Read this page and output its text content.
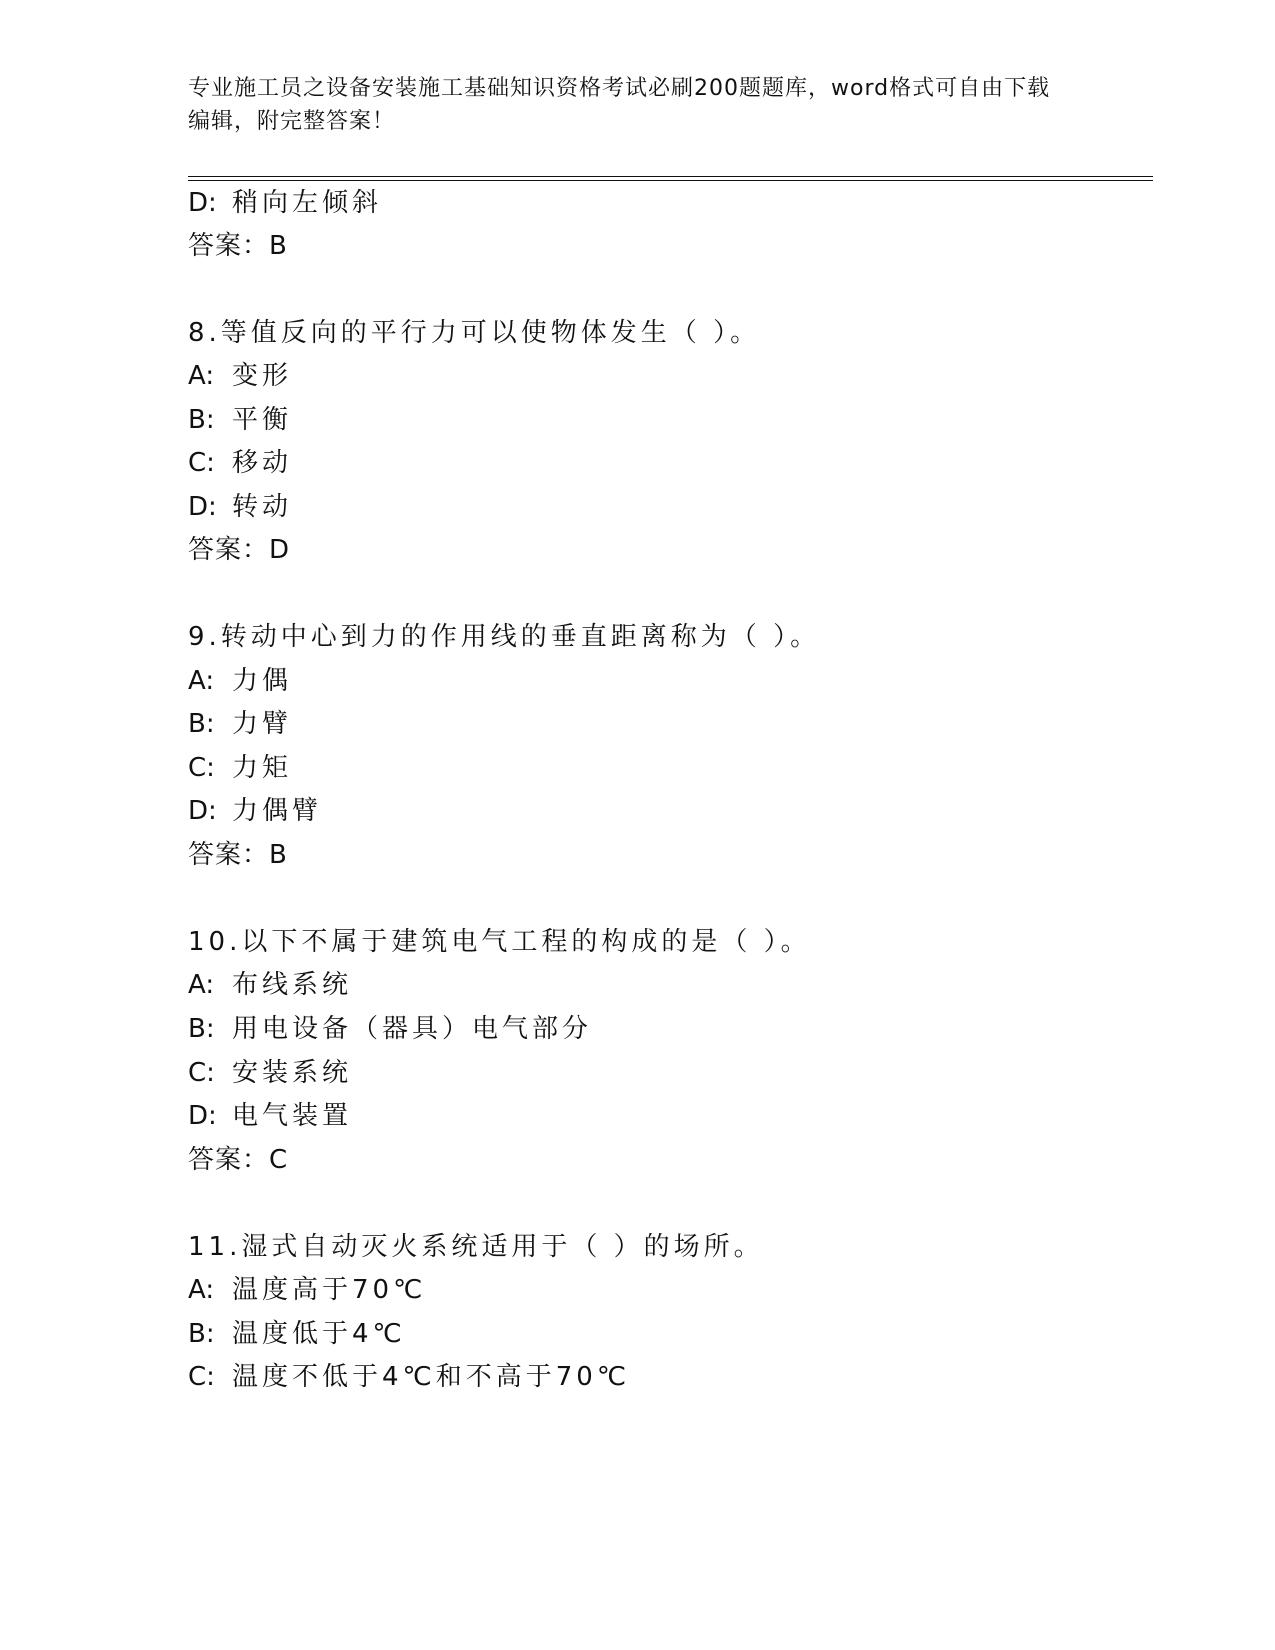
专业施工员之设备安装施工基础知识资格考试必刷200题题库，word格式可自由下载编辑，附完整答案！
D: 稍向左倾斜
答案：B
8.等值反向的平行力可以使物体发生（ ）。
A: 变形
B: 平衡
C: 移动
D: 转动
答案：D
9.转动中心到力的作用线的垂直距离称为（ ）。
A: 力偶
B: 力臂
C: 力矩
D: 力偶臂
答案：B
10.以下不属于建筑电气工程的构成的是（ ）。
A: 布线系统
B: 用电设备（器具）电气部分
C: 安装系统
D: 电气装置
答案：C
11.湿式自动灭火系统适用于（ ）的场所。
A: 温度高于70℃
B: 温度低于4℃
C: 温度不低于4℃和不高于70℃
